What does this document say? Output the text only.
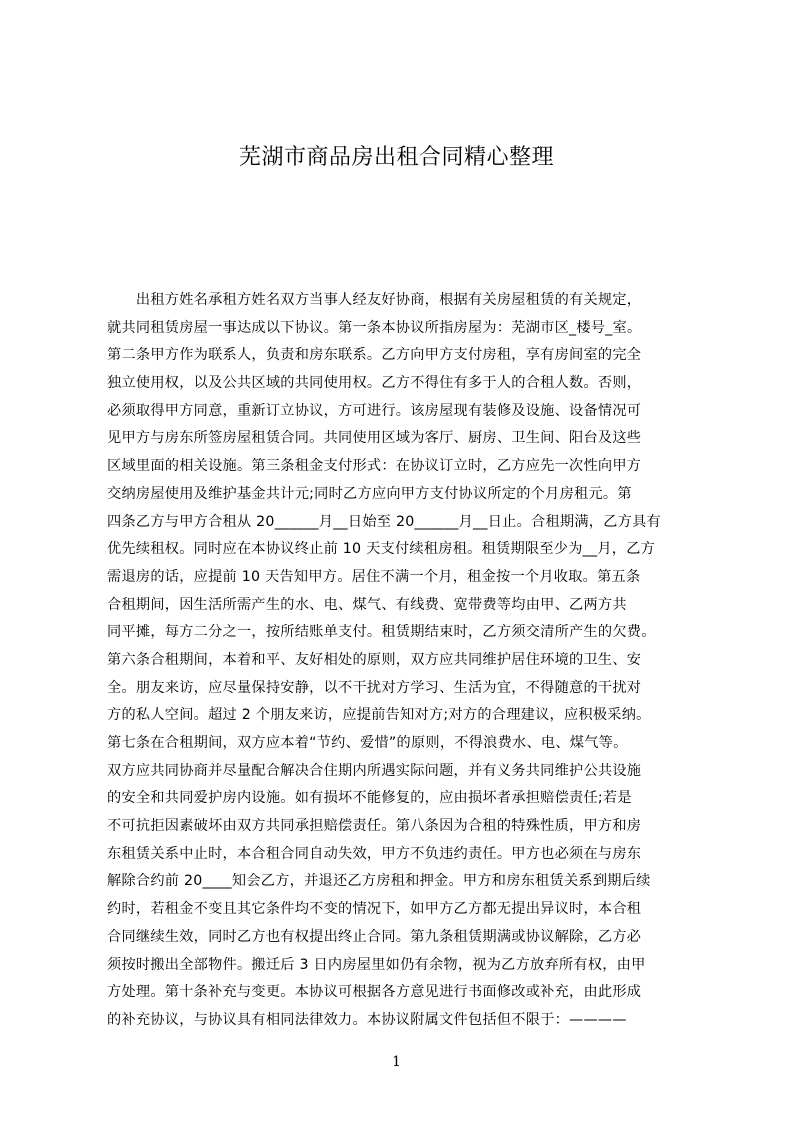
芜湖市商品房出租合同精心整理
　　出租方姓名承租方姓名双方当事人经友好协商，根据有关房屋租赁的有关规定，
就共同租赁房屋一事达成以下协议。第一条本协议所指房屋为：芜湖市区_楼号_室。
第二条甲方作为联系人，负责和房东联系。乙方向甲方支付房租，享有房间室的完全
独立使用权，以及公共区域的共同使用权。乙方不得住有多于人的合租人数。否则，
必须取得甲方同意，重新订立协议，方可进行。该房屋现有装修及设施、设备情况可
见甲方与房东所签房屋租赁合同。共同使用区域为客厅、厨房、卫生间、阳台及这些
区域里面的相关设施。第三条租金支付形式：在协议订立时，乙方应先一次性向甲方
交纳房屋使用及维护基金共计元;同时乙方应向甲方支付协议所定的个月房租元。第
四条乙方与甲方合租从 20______月__日始至 20______月__日止。合租期满，乙方具有
优先续租权。同时应在本协议终止前 10 天支付续租房租。租赁期限至少为__月，乙方
需退房的话，应提前 10 天告知甲方。居住不满一个月，租金按一个月收取。第五条
合租期间，因生活所需产生的水、电、煤气、有线费、宽带费等均由甲、乙两方共
同平摊，每方二分之一，按所结账单支付。租赁期结束时，乙方须交清所产生的欠费。
第六条合租期间，本着和平、友好相处的原则，双方应共同维护居住环境的卫生、安
全。朋友来访，应尽量保持安静，以不干扰对方学习、生活为宜，不得随意的干扰对
方的私人空间。超过 2 个朋友来访，应提前告知对方;对方的合理建议，应积极采纳。
第七条在合租期间，双方应本着“节约、爱惜”的原则，不得浪费水、电、煤气等。
双方应共同协商并尽量配合解决合住期内所遇实际问题，并有义务共同维护公共设施
的安全和共同爱护房内设施。如有损坏不能修复的，应由损坏者承担赔偿责任;若是
不可抗拒因素破坏由双方共同承担赔偿责任。第八条因为合租的特殊性质，甲方和房
东租赁关系中止时，本合租合同自动失效，甲方不负违约责任。甲方也必须在与房东
解除合约前 20____知会乙方，并退还乙方房租和押金。甲方和房东租赁关系到期后续
约时，若租金不变且其它条件均不变的情况下，如甲方乙方都无提出异议时，本合租
合同继续生效，同时乙方也有权提出终止合同。第九条租赁期满或协议解除，乙方必
须按时搬出全部物件。搬迁后 3 日内房屋里如仍有余物，视为乙方放弃所有权，由甲
方处理。第十条补充与变更。本协议可根据各方意见进行书面修改或补充，由此形成
的补充协议，与协议具有相同法律效力。本协议附属文件包括但不限于：————
1
